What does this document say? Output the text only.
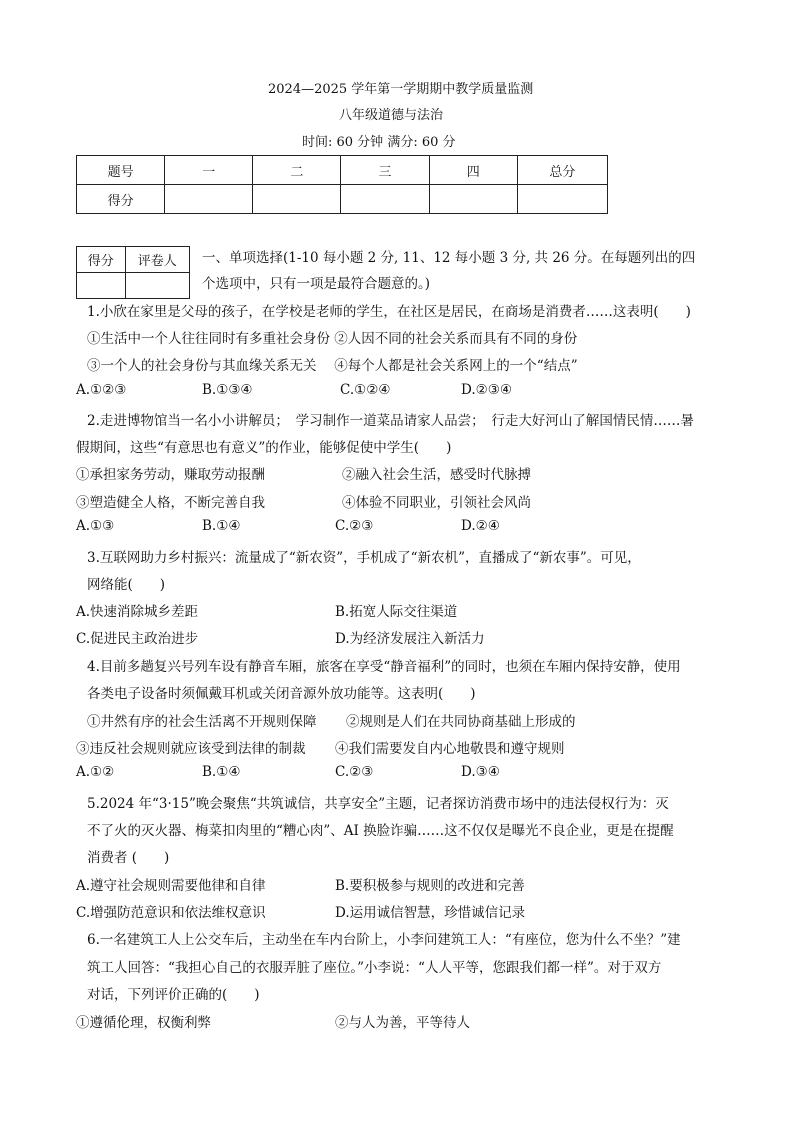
2024—2025 学年第一学期期中教学质量监测
八年级道德与法治
时间: 60 分钟 满分: 60 分
题号	一	二	三	四	总分
得分					
得分	评卷人
	一、单项选择(1-10 每小题 2 分, 11、12 每小题 3 分, 共 26 分。在每题列出的四
个选项中，只有一项是最符合题意的。)
1.小欣在家里是父母的孩子，在学校是老师的学生，在社区是居民，在商场是消费者……这表明(　　)
①生活中一个人往往同时有多重社会身份 ②人因不同的社会关系而具有不同的身份
③一个人的社会身份与其血缘关系无关　 ④每个人都是社会关系网上的一个“结点”
A.①②③	B.①③④	C.①②④	D.②③④
2.走进博物馆当一名小小讲解员；　学习制作一道菜品请家人品尝；　行走大好河山了解国情民情……暑
假期间，这些“有意思也有意义”的作业，能够促使中学生(　　)
①承担家务劳动，赚取劳动报酬	②融入社会生活，感受时代脉搏
③塑造健全人格，不断完善自我	④体验不同职业，引领社会风尚
A.①③	B.①④	C.②③	D.②④
3.互联网助力乡村振兴：流量成了“新农资”，手机成了“新农机”，直播成了“新农事”。可见，
网络能(　　)
A.快速消除城乡差距	B.拓宽人际交往渠道
C.促进民主政治进步	D.为经济发展注入新活力
4.目前多趟复兴号列车设有静音车厢，旅客在享受“静音福利”的同时，也须在车厢内保持安静，使用
各类电子设备时须佩戴耳机或关闭音源外放功能等。这表明(　　)
①井然有序的社会生活离不开规则保障 ②规则是人们在共同协商基础上形成的
③违反社会规则就应该受到法律的制裁 ④我们需要发自内心地敬畏和遵守规则
A.①②	B.①④	C.②③	D.③④
5.2024 年“3·15”晚会聚焦“共筑诚信，共享安全”主题，记者探访消费市场中的违法侵权行为：灭
不了火的灭火器、梅菜扣肉里的“糟心肉”、AI 换脸诈骗……这不仅仅是曝光不良企业，更是在提醒
消费者 (　　)
A.遵守社会规则需要他律和自律	B.要积极参与规则的改进和完善
C.增强防范意识和依法维权意识	D.运用诚信智慧，珍惜诚信记录
6.一名建筑工人上公交车后，主动坐在车内台阶上，小李问建筑工人：“有座位，您为什么不坐？”建
筑工人回答：“我担心自己的衣服弄脏了座位。”小李说：“人人平等，您跟我们都一样”。对于双方
对话，下列评价正确的(　　)
①遵循伦理，权衡利弊	②与人为善，平等待人
